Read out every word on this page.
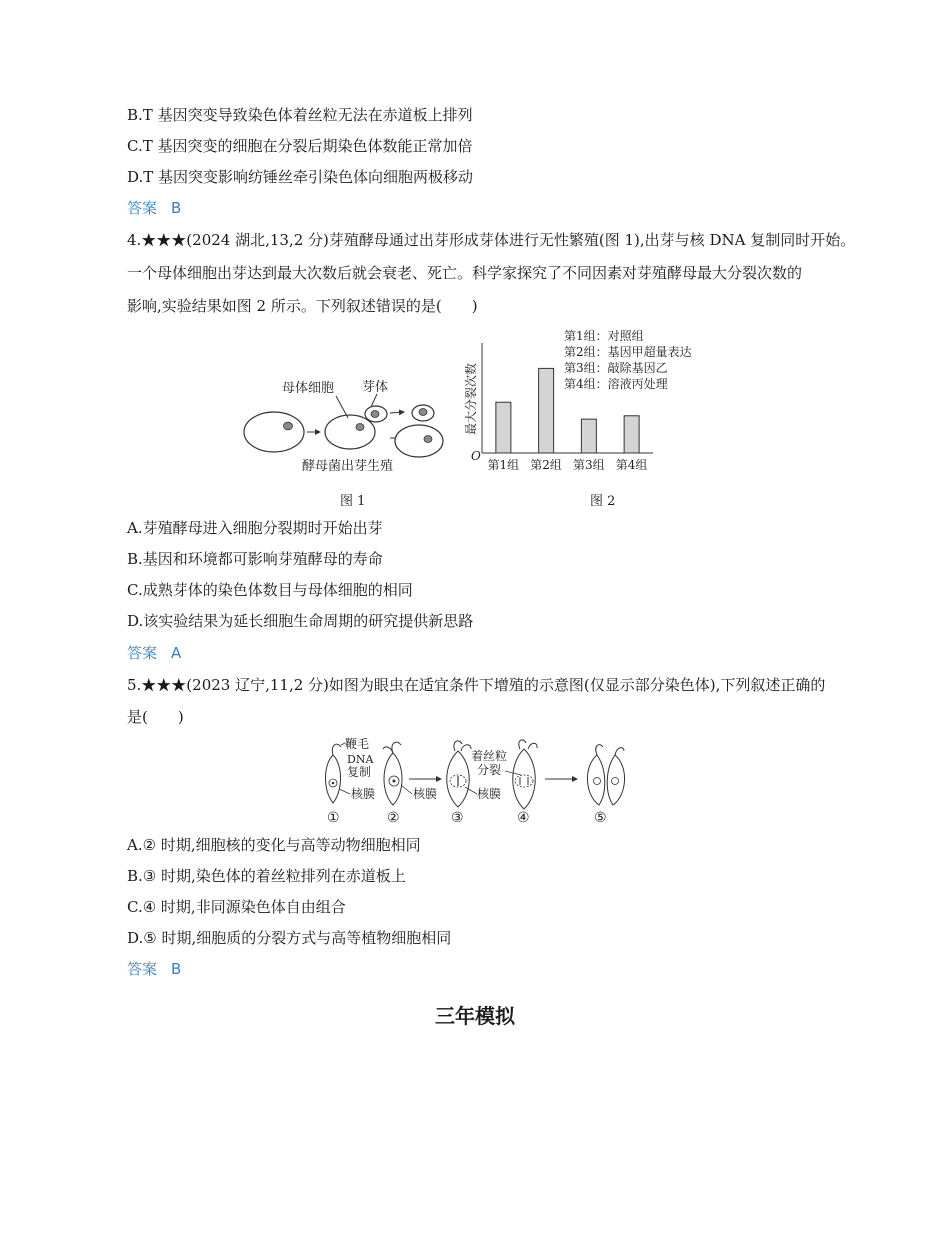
B.T 基因突变导致染色体着丝粒无法在赤道板上排列
C.T 基因突变的细胞在分裂后期染色体数能正常加倍
D.T 基因突变影响纺锤丝牵引染色体向细胞两极移动
答案 B
4.★★★(2024 湖北,13,2 分)芽殖酵母通过出芽形成芽体进行无性繁殖(图 1),出芽与核 DNA 复制同时开始。
一个母体细胞出芽达到最大次数后就会衰老、死亡。科学家探究了不同因素对芽殖酵母最大分裂次数的
影响,实验结果如图 2 所示。下列叙述错误的是(　　)
母体细胞 芽体
酵母菌出芽生殖
最大分裂次数
O
第1组 第2组 第3组 第4组
第1组：对照组
第2组：基因甲超量表达
第3组：敲除基因乙
第4组：溶液丙处理
图 1	图 2
A.芽殖酵母进入细胞分裂期时开始出芽
B.基因和环境都可影响芽殖酵母的寿命
C.成熟芽体的染色体数目与母体细胞的相同
D.该实验结果为延长细胞生命周期的研究提供新思路
答案 A
5.★★★(2023 辽宁,11,2 分)如图为眼虫在适宜条件下增殖的示意图(仅显示部分染色体),下列叙述正确的
是(　　)
鞭毛
DNA
复制
核膜	核膜
着丝粒
分裂
核膜
①	②	③	④	⑤
A.② 时期,细胞核的变化与高等动物细胞相同
B.③ 时期,染色体的着丝粒排列在赤道板上
C.④ 时期,非同源染色体自由组合
D.⑤ 时期,细胞质的分裂方式与高等植物细胞相同
答案 B
三年模拟
